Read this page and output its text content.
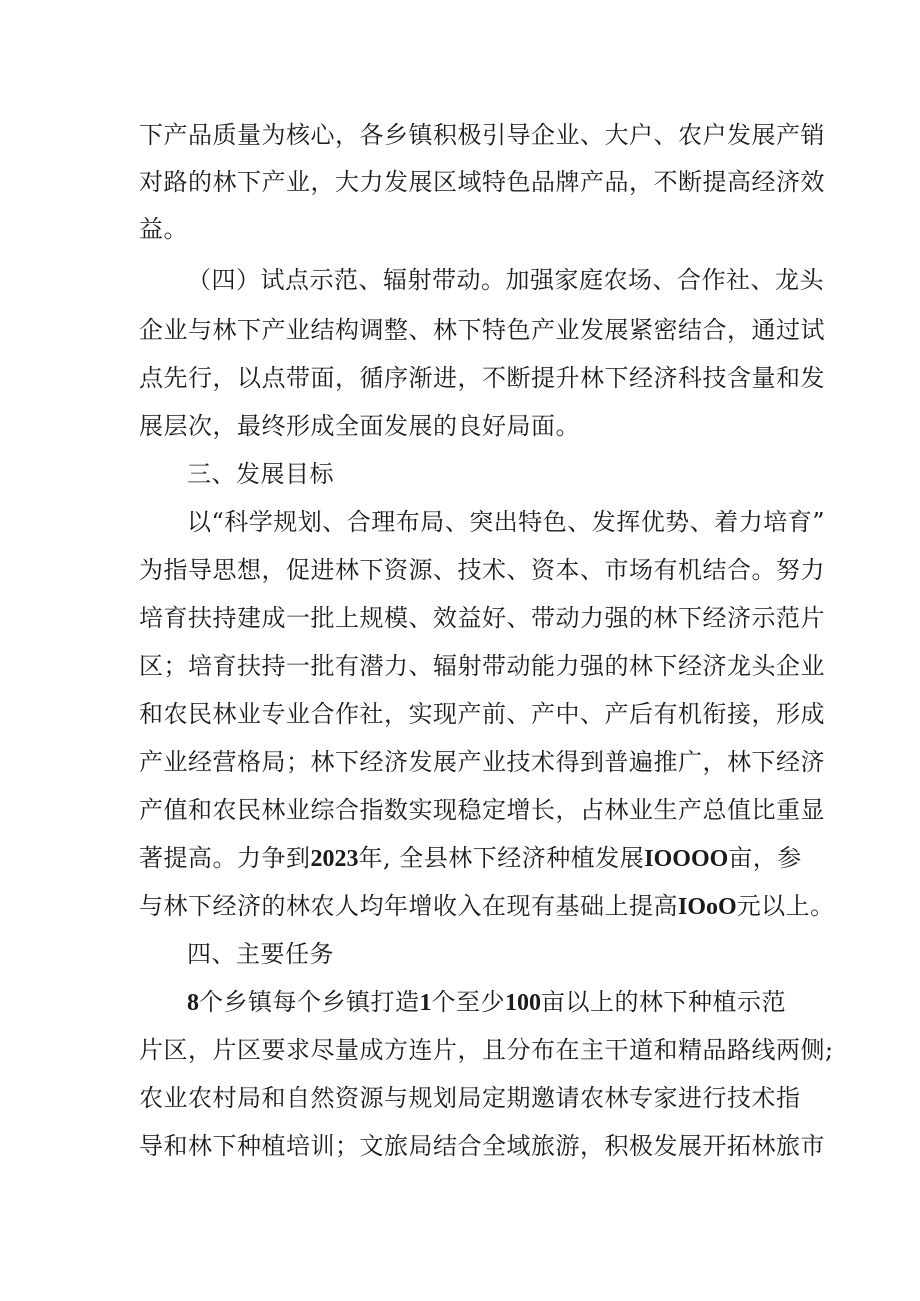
下产品质量为核心，各乡镇积极引导企业、大户、农户发展产销
对路的林下产业，大力发展区域特色品牌产品，不断提高经济效
益。
（四）试点示范、辐射带动。加强家庭农场、合作社、龙头
企业与林下产业结构调整、林下特色产业发展紧密结合，通过试
点先行，以点带面，循序渐进，不断提升林下经济科技含量和发
展层次，最终形成全面发展的良好局面。
三、发展目标
以“科学规划、合理布局、突出特色、发挥优势、着力培育”
为指导思想，促进林下资源、技术、资本、市场有机结合。努力
培育扶持建成一批上规模、效益好、带动力强的林下经济示范片
区；培育扶持一批有潜力、辐射带动能力强的林下经济龙头企业
和农民林业专业合作社，实现产前、产中、产后有机衔接，形成
产业经营格局；林下经济发展产业技术得到普遍推广，林下经济
产值和农民林业综合指数实现稳定增长，占林业生产总值比重显
著提高。力争到2023年, 全县林下经济种植发展IOOOO亩，参
与林下经济的林农人均年增收入在现有基础上提高IOoO元以上。
四、主要任务
8个乡镇每个乡镇打造1个至少100亩以上的林下种植示范
片区，片区要求尽量成方连片，且分布在主干道和精品路线两侧;
农业农村局和自然资源与规划局定期邀请农林专家进行技术指
导和林下种植培训；文旅局结合全域旅游，积极发展开拓林旅市
